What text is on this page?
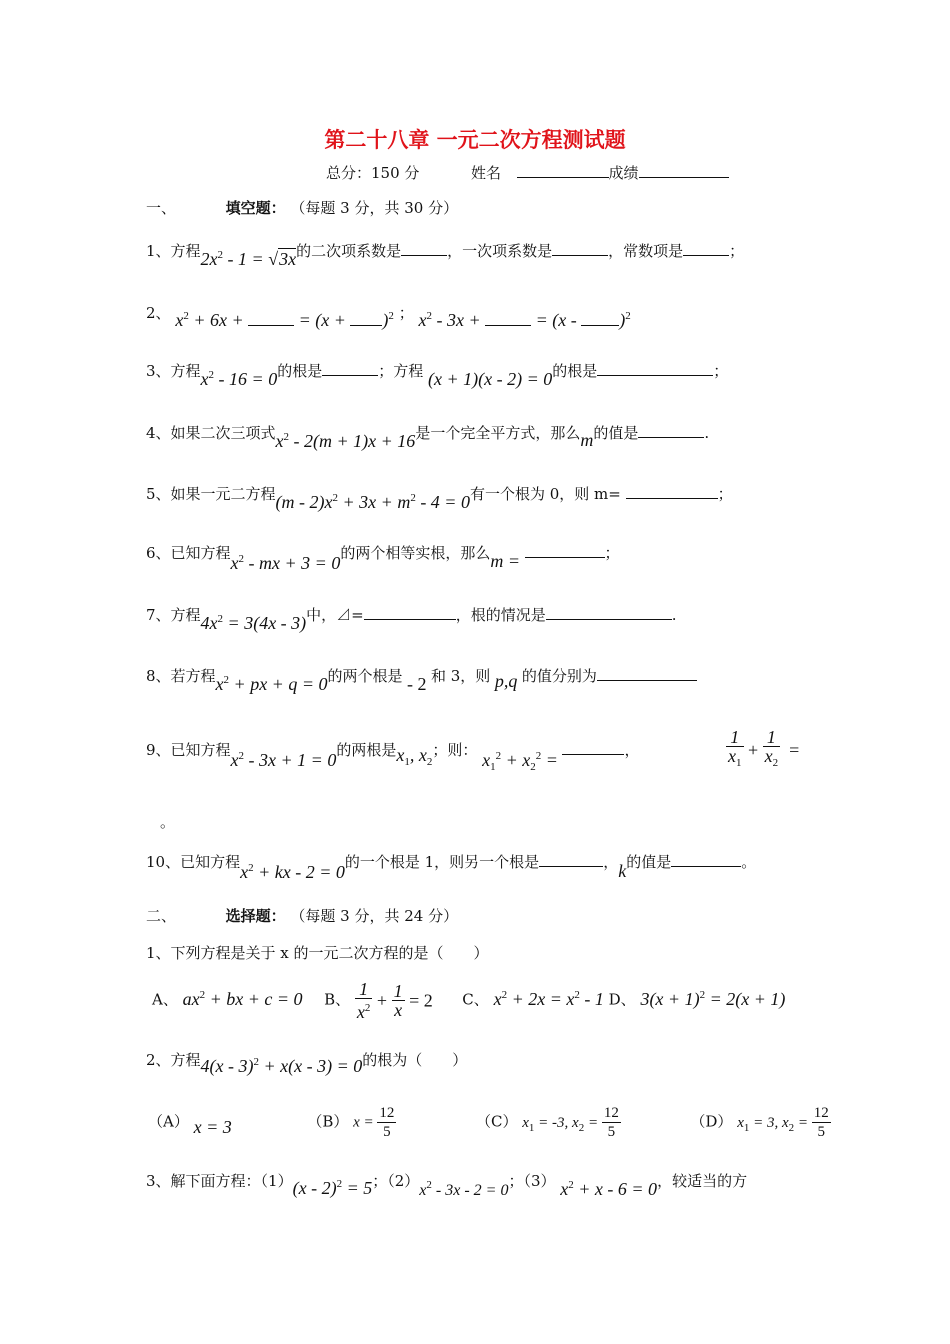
第二十八章 一元二次方程测试题
总分：150 分	姓名	成绩
一、	填空题： （每题 3 分，共 30 分）
1、方程$2x^2 - 1 = √3x$的二次项系数是	，一次项系数是	，常数项是	；
2、 $x^2 + 6x$ +	= $(x + )^2$ ； $x^2 - 3x$ +	= (x - )$^2$
3、方程$x^2 - 16 = 0$的根是	；方程 (x + 1)(x - 2) = 0的根是	；
4、如果二次三项式$x^2 - 2(m + 1)x + 16$是一个完全平方式，那么m的值是	.
5、如果一元二方程$(m - 2)x^2 + 3x + m^2 - 4 = 0$有一个根为 0，则 m=	；
6、已知方程$x^2$ - mx + 3 = 0的两个相等实根，那么m =	；
7、方程$4x^2 = 3(4x - 3)$中，⊿=	，根的情况是	.
8、若方程$x^2$ + px + q = 0的两个根是 - 2 和 3，则 p,q 的值分别为
9、已知方程$x^2 - 3x + 1 = 0$的两根是$x_1$, $x_2$；则： $x_1^2 + x_2^2$ =	，	$\frac{1}{x_1} + \frac{1}{x_2}$ =
。
10、已知方程$x^2$ + kx - 2 = 0的一个根是 1，则另一个根是	，k的值是	。
二、	选择题： （每题 3 分，共 24 分）
1、下列方程是关于 x 的一元二次方程的是（　　）
A、 $ax^2$ + bx + c = 0 B、 $\frac{1}{x^2} + \frac{1}{x} = 2$ C、 $x^2 + 2x = x^2 - 1$ D、 $3(x + 1)^2 = 2(x + 1)$
2、方程4(x - 3)$^2$ + x(x - 3) = 0的根为（　　）
（A） x = 3	（B） $x = \frac{12}{5}$	（C） $x_1 = -3$, $x_2 = \frac{12}{5}$	（D） $x_1 = 3$, $x_2 = \frac{12}{5}$
3、解下面方程：（1）(x - 2)$^2$ = 5；$(2)x^2 - 3x - 2 = 0$；（3） $x^2 + x - 6 = 0$，较适当的方
